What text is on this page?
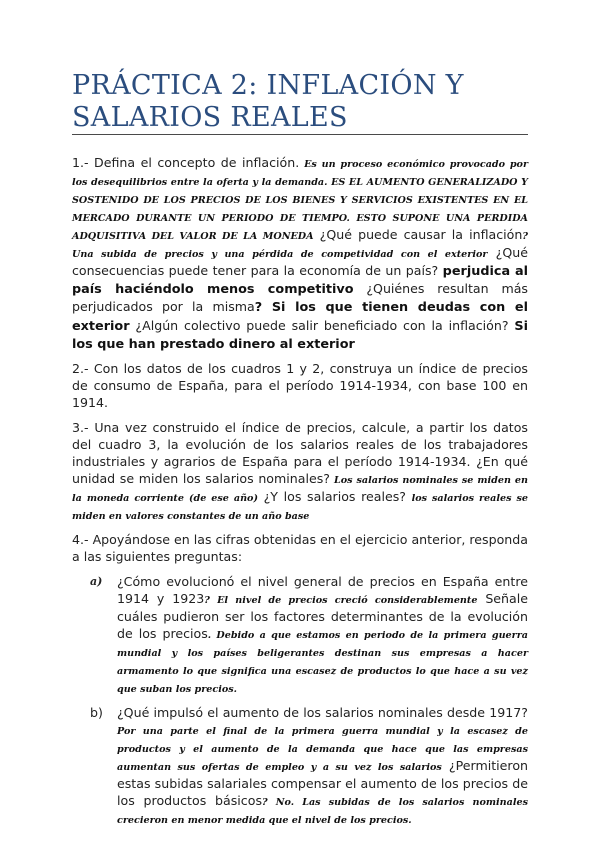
PRÁCTICA 2: INFLACIÓN Y SALARIOS REALES

1.- Defina el concepto de inflación. Es un proceso económico provocado por los desequilibrios entre la oferta y la demanda. ES EL AUMENTO GENERALIZADO Y SOSTENIDO DE LOS PRECIOS DE LOS BIENES Y SERVICIOS EXISTENTES EN EL MERCADO DURANTE UN PERIODO DE TIEMPO. ESTO SUPONE UNA PERDIDA ADQUISITIVA DEL VALOR DE LA MONEDA ¿Qué puede causar la inflación? Una subida de precios y una pérdida de competividad con el exterior ¿Qué consecuencias puede tener para la economía de un país? perjudica al país haciéndolo menos competitivo ¿Quiénes resultan más perjudicados por la misma? Si los que tienen deudas con el exterior ¿Algún colectivo puede salir beneficiado con la inflación? Si los que han prestado dinero al exterior

2.- Con los datos de los cuadros 1 y 2, construya un índice de precios de consumo de España, para el período 1914-1934, con base 100 en 1914.

3.- Una vez construido el índice de precios, calcule, a partir los datos del cuadro 3, la evolución de los salarios reales de los trabajadores industriales y agrarios de España para el período 1914-1934. ¿En qué unidad se miden los salarios nominales? Los salarios nominales se miden en la moneda corriente (de ese año) ¿Y los salarios reales? los salarios reales se miden en valores constantes de un año base

4.- Apoyándose en las cifras obtenidas en el ejercicio anterior, responda a las siguientes preguntas:

a) ¿Cómo evolucionó el nivel general de precios en España entre 1914 y 1923? El nivel de precios creció considerablemente Señale cuáles pudieron ser los factores determinantes de la evolución de los precios. Debido a que estamos en periodo de la primera guerra mundial y los países beligerantes destinan sus empresas a hacer armamento lo que significa una escasez de productos lo que hace a su vez que suban los precios.

b) ¿Qué impulsó el aumento de los salarios nominales desde 1917? Por una parte el final de la primera guerra mundial y la escasez de productos y el aumento de la demanda que hace que las empresas aumentan sus ofertas de empleo y a su vez los salarios ¿Permitieron estas subidas salariales compensar el aumento de los precios de los productos básicos? No. Las subidas de los salarios nominales crecieron en menor medida que el nivel de los precios.
